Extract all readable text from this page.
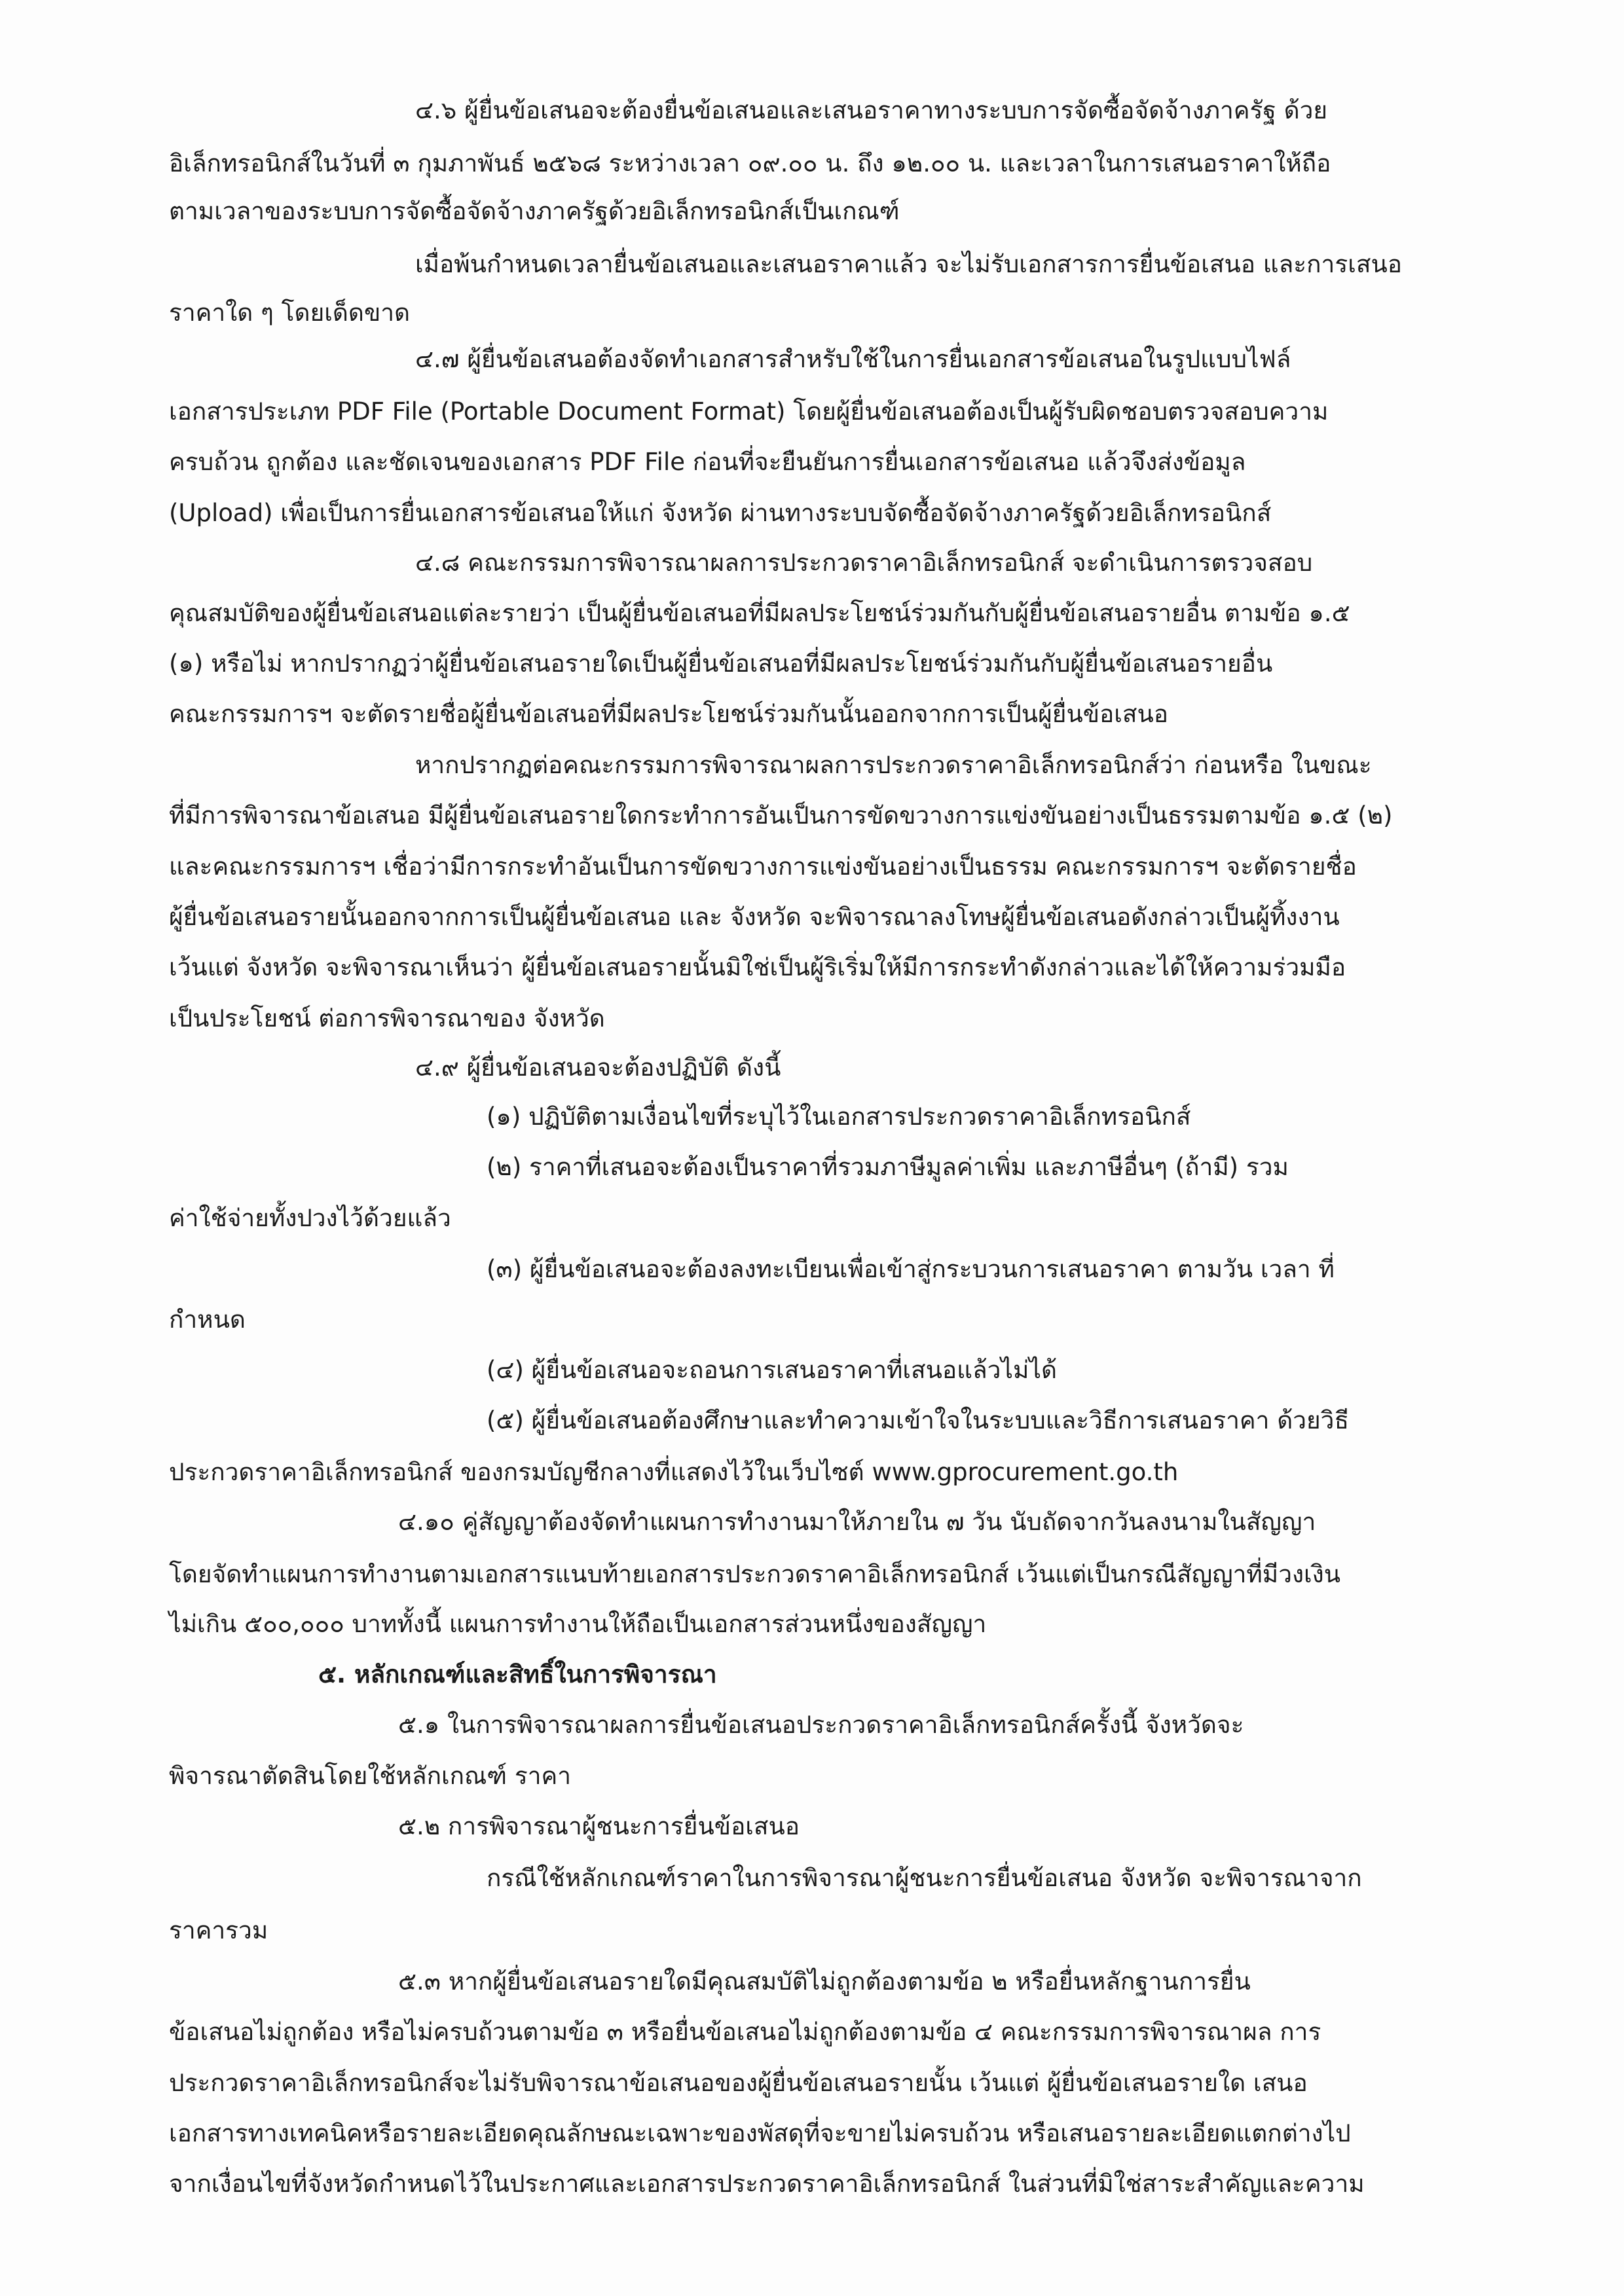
๔.๖ ผู้ยื่นข้อเสนอจะต้องยื่นข้อเสนอและเสนอราคาทางระบบการจัดซื้อจัดจ้างภาครัฐ ด้วย
อิเล็กทรอนิกส์ในวันที่ ๓ กุมภาพันธ์ ๒๕๖๘ ระหว่างเวลา ๐๙.๐๐ น. ถึง ๑๒.๐๐ น. และเวลาในการเสนอราคาให้ถือ
ตามเวลาของระบบการจัดซื้อจัดจ้างภาครัฐด้วยอิเล็กทรอนิกส์เป็นเกณฑ์
เมื่อพ้นกำหนดเวลายื่นข้อเสนอและเสนอราคาแล้ว จะไม่รับเอกสารการยื่นข้อเสนอ และการเสนอ
ราคาใด ๆ โดยเด็ดขาด
๔.๗ ผู้ยื่นข้อเสนอต้องจัดทำเอกสารสำหรับใช้ในการยื่นเอกสารข้อเสนอในรูปแบบไฟล์
เอกสารประเภท PDF File (Portable Document Format) โดยผู้ยื่นข้อเสนอต้องเป็นผู้รับผิดชอบตรวจสอบความ
ครบถ้วน ถูกต้อง และชัดเจนของเอกสาร PDF File ก่อนที่จะยืนยันการยื่นเอกสารข้อเสนอ แล้วจึงส่งข้อมูล
(Upload) เพื่อเป็นการยื่นเอกสารข้อเสนอให้แก่ จังหวัด ผ่านทางระบบจัดซื้อจัดจ้างภาครัฐด้วยอิเล็กทรอนิกส์
๔.๘ คณะกรรมการพิจารณาผลการประกวดราคาอิเล็กทรอนิกส์ จะดำเนินการตรวจสอบ
คุณสมบัติของผู้ยื่นข้อเสนอแต่ละรายว่า เป็นผู้ยื่นข้อเสนอที่มีผลประโยชน์ร่วมกันกับผู้ยื่นข้อเสนอรายอื่น ตามข้อ ๑.๕
(๑) หรือไม่ หากปรากฏว่าผู้ยื่นข้อเสนอรายใดเป็นผู้ยื่นข้อเสนอที่มีผลประโยชน์ร่วมกันกับผู้ยื่นข้อเสนอรายอื่น
คณะกรรมการฯ จะตัดรายชื่อผู้ยื่นข้อเสนอที่มีผลประโยชน์ร่วมกันนั้นออกจากการเป็นผู้ยื่นข้อเสนอ
หากปรากฏต่อคณะกรรมการพิจารณาผลการประกวดราคาอิเล็กทรอนิกส์ว่า ก่อนหรือ ในขณะ
ที่มีการพิจารณาข้อเสนอ มีผู้ยื่นข้อเสนอรายใดกระทำการอันเป็นการขัดขวางการแข่งขันอย่างเป็นธรรมตามข้อ ๑.๕ (๒)
และคณะกรรมการฯ เชื่อว่ามีการกระทำอันเป็นการขัดขวางการแข่งขันอย่างเป็นธรรม คณะกรรมการฯ จะตัดรายชื่อ
ผู้ยื่นข้อเสนอรายนั้นออกจากการเป็นผู้ยื่นข้อเสนอ และ จังหวัด จะพิจารณาลงโทษผู้ยื่นข้อเสนอดังกล่าวเป็นผู้ทิ้งงาน
เว้นแต่ จังหวัด จะพิจารณาเห็นว่า ผู้ยื่นข้อเสนอรายนั้นมิใช่เป็นผู้ริเริ่มให้มีการกระทำดังกล่าวและได้ให้ความร่วมมือ
เป็นประโยชน์ ต่อการพิจารณาของ จังหวัด
๔.๙ ผู้ยื่นข้อเสนอจะต้องปฏิบัติ ดังนี้
(๑) ปฏิบัติตามเงื่อนไขที่ระบุไว้ในเอกสารประกวดราคาอิเล็กทรอนิกส์
(๒) ราคาที่เสนอจะต้องเป็นราคาที่รวมภาษีมูลค่าเพิ่ม และภาษีอื่นๆ (ถ้ามี) รวม
ค่าใช้จ่ายทั้งปวงไว้ด้วยแล้ว
(๓) ผู้ยื่นข้อเสนอจะต้องลงทะเบียนเพื่อเข้าสู่กระบวนการเสนอราคา ตามวัน เวลา ที่
กำหนด
(๔) ผู้ยื่นข้อเสนอจะถอนการเสนอราคาที่เสนอแล้วไม่ได้
(๕) ผู้ยื่นข้อเสนอต้องศึกษาและทำความเข้าใจในระบบและวิธีการเสนอราคา ด้วยวิธี
ประกวดราคาอิเล็กทรอนิกส์ ของกรมบัญชีกลางที่แสดงไว้ในเว็บไซต์ www.gprocurement.go.th
๔.๑๐ คู่สัญญาต้องจัดทำแผนการทำงานมาให้ภายใน ๗ วัน นับถัดจากวันลงนามในสัญญา
โดยจัดทำแผนการทำงานตามเอกสารแนบท้ายเอกสารประกวดราคาอิเล็กทรอนิกส์ เว้นแต่เป็นกรณีสัญญาที่มีวงเงิน
ไม่เกิน ๕๐๐,๐๐๐ บาททั้งนี้ แผนการทำงานให้ถือเป็นเอกสารส่วนหนึ่งของสัญญา
๕. หลักเกณฑ์และสิทธิ์ในการพิจารณา
๕.๑ ในการพิจารณาผลการยื่นข้อเสนอประกวดราคาอิเล็กทรอนิกส์ครั้งนี้ จังหวัดจะ
พิจารณาตัดสินโดยใช้หลักเกณฑ์ ราคา
๕.๒ การพิจารณาผู้ชนะการยื่นข้อเสนอ
กรณีใช้หลักเกณฑ์ราคาในการพิจารณาผู้ชนะการยื่นข้อเสนอ จังหวัด จะพิจารณาจาก
ราคารวม
๕.๓ หากผู้ยื่นข้อเสนอรายใดมีคุณสมบัติไม่ถูกต้องตามข้อ ๒ หรือยื่นหลักฐานการยื่น
ข้อเสนอไม่ถูกต้อง หรือไม่ครบถ้วนตามข้อ ๓ หรือยื่นข้อเสนอไม่ถูกต้องตามข้อ ๔ คณะกรรมการพิจารณาผล การ
ประกวดราคาอิเล็กทรอนิกส์จะไม่รับพิจารณาข้อเสนอของผู้ยื่นข้อเสนอรายนั้น เว้นแต่ ผู้ยื่นข้อเสนอรายใด เสนอ
เอกสารทางเทคนิคหรือรายละเอียดคุณลักษณะเฉพาะของพัสดุที่จะขายไม่ครบถ้วน หรือเสนอรายละเอียดแตกต่างไป
จากเงื่อนไขที่จังหวัดกำหนดไว้ในประกาศและเอกสารประกวดราคาอิเล็กทรอนิกส์ ในส่วนที่มิใช่สาระสำคัญและความ
